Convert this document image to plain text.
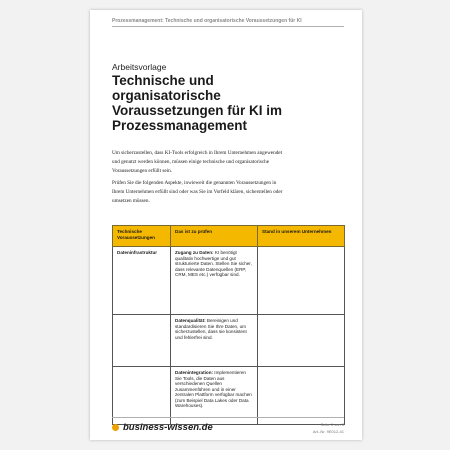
Prozessmanagement: Technische und organisatorische Voraussetzungen für KI
Arbeitsvorlage
Technische und organisatorische Voraussetzungen für KI im Prozessmanagement

Um sicherzustellen, dass KI-Tools erfolgreich in Ihrem Unternehmen angewendet und genutzt werden können, müssen einige technische und organisatorische Voraussetzungen erfüllt sein.

Prüfen Sie die folgenden Aspekte, inwieweit die genannten Voraussetzungen in Ihrem Unternehmen erfüllt sind oder was Sie im Vorfeld klären, sicherstellen oder umsetzen müssen.

Technische Voraussetzungen	Das ist zu prüfen	Stand in unserem Unternehmen
Dateninfrastruktur	Zugang zu Daten: KI benötigt qualitativ hochwertige und gut strukturierte Daten. Stellen Sie sicher, dass relevante Datenquellen (ERP, CRM, MES etc.) verfügbar sind.	
	Datenqualität: Bereinigen und standardisieren Sie Ihre Daten, um sicherzustellen, dass sie konsistent und fehlerfrei sind.	
	Datenintegration: Implementieren Sie Tools, die Daten aus verschiedenen Quellen zusammenführen und in einer zentralen Plattform verfügbar machen (zum Beispiel Data Lakes oder Data Warehouses).	
business-wissen.de	Seite 1 von 3
Art.-Nr. 9E012-41
